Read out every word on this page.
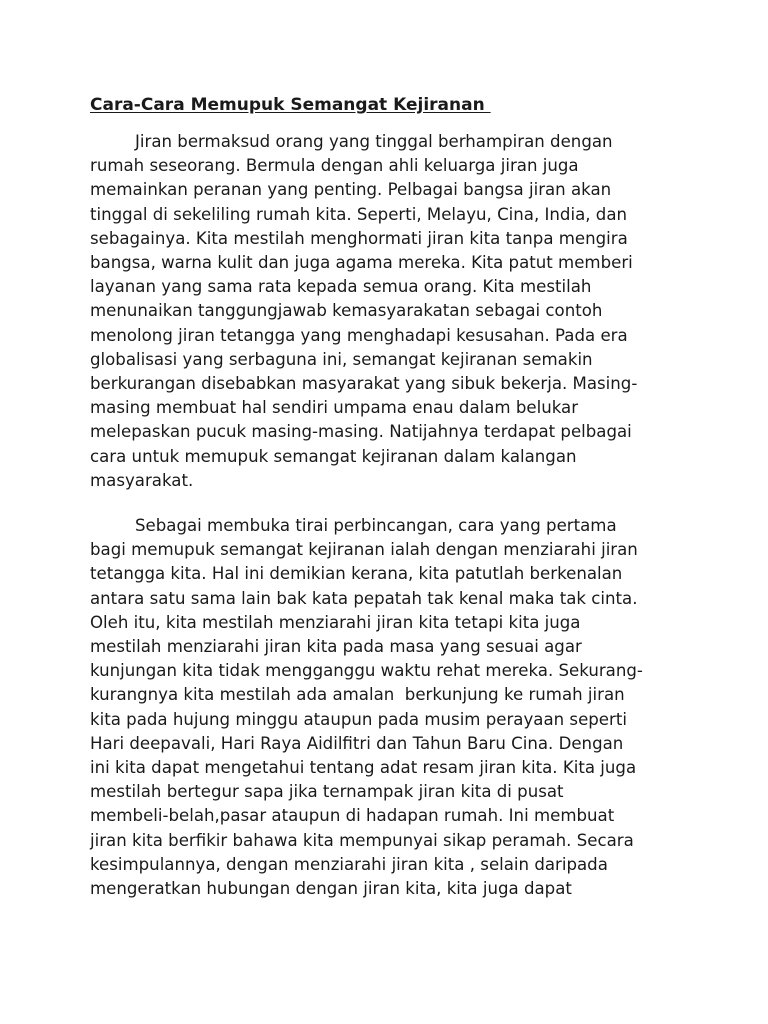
Cara-Cara Memupuk Semangat Kejiranan
Jiran bermaksud orang yang tinggal berhampiran dengan
rumah seseorang. Bermula dengan ahli keluarga jiran juga
memainkan peranan yang penting. Pelbagai bangsa jiran akan
tinggal di sekeliling rumah kita. Seperti, Melayu, Cina, India, dan
sebagainya. Kita mestilah menghormati jiran kita tanpa mengira
bangsa, warna kulit dan juga agama mereka. Kita patut memberi
layanan yang sama rata kepada semua orang. Kita mestilah
menunaikan tanggungjawab kemasyarakatan sebagai contoh
menolong jiran tetangga yang menghadapi kesusahan. Pada era
globalisasi yang serbaguna ini, semangat kejiranan semakin
berkurangan disebabkan masyarakat yang sibuk bekerja. Masing-
masing membuat hal sendiri umpama enau dalam belukar
melepaskan pucuk masing-masing. Natijahnya terdapat pelbagai
cara untuk memupuk semangat kejiranan dalam kalangan
masyarakat.
Sebagai membuka tirai perbincangan, cara yang pertama
bagi memupuk semangat kejiranan ialah dengan menziarahi jiran
tetangga kita. Hal ini demikian kerana, kita patutlah berkenalan
antara satu sama lain bak kata pepatah tak kenal maka tak cinta.
Oleh itu, kita mestilah menziarahi jiran kita tetapi kita juga
mestilah menziarahi jiran kita pada masa yang sesuai agar
kunjungan kita tidak mengganggu waktu rehat mereka. Sekurang-
kurangnya kita mestilah ada amalan  berkunjung ke rumah jiran
kita pada hujung minggu ataupun pada musim perayaan seperti
Hari deepavali, Hari Raya Aidilfitri dan Tahun Baru Cina. Dengan
ini kita dapat mengetahui tentang adat resam jiran kita. Kita juga
mestilah bertegur sapa jika ternampak jiran kita di pusat
membeli-belah,pasar ataupun di hadapan rumah. Ini membuat
jiran kita berfikir bahawa kita mempunyai sikap peramah. Secara
kesimpulannya, dengan menziarahi jiran kita , selain daripada
mengeratkan hubungan dengan jiran kita, kita juga dapat
